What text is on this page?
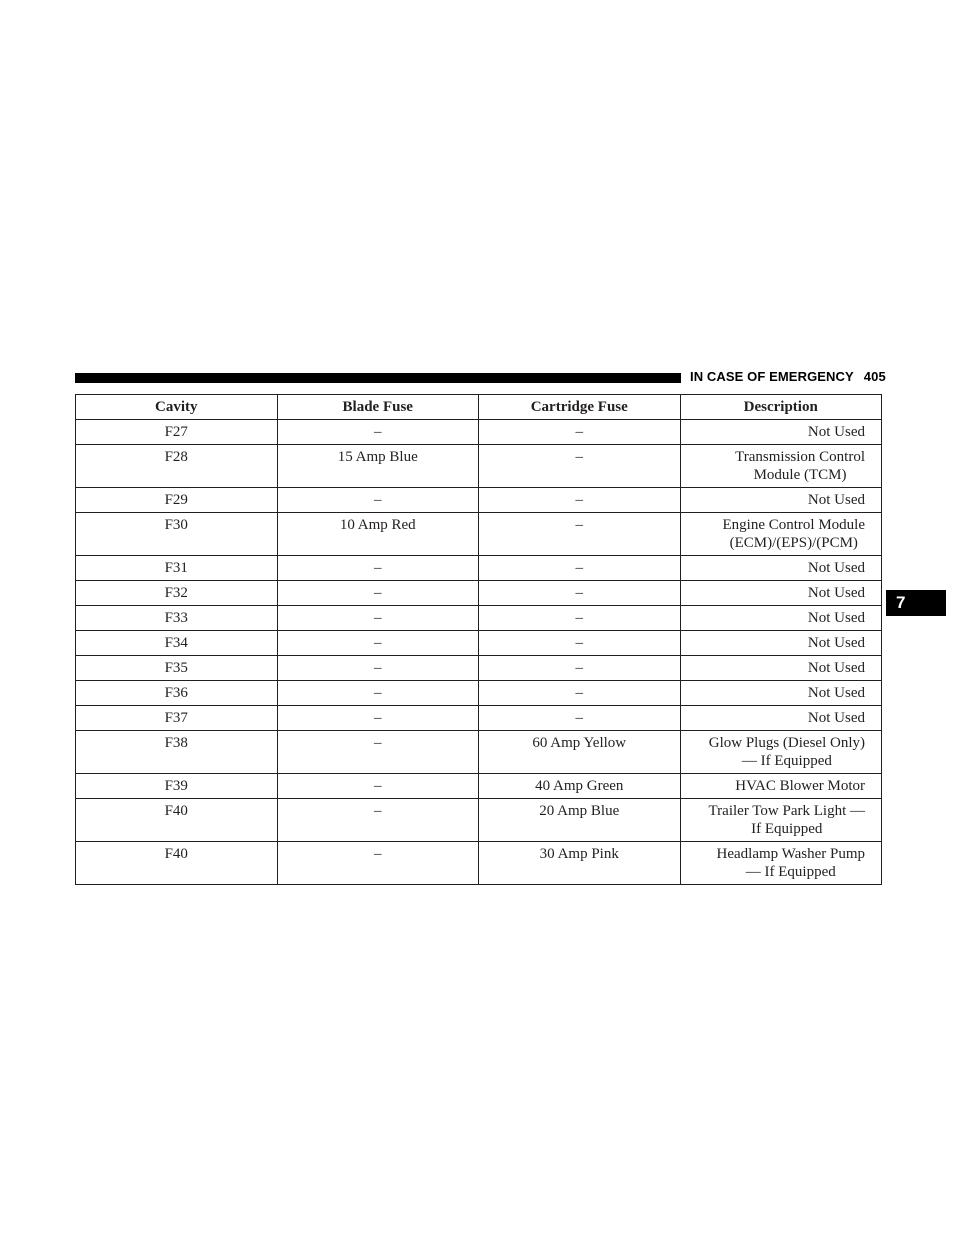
IN CASE OF EMERGENCY 405
7
Cavity	Blade Fuse	Cartridge Fuse	Description
F27	–	–	Not Used
F28	15 Amp Blue	–	Transmission Control
Module (TCM)
F29	–	–	Not Used
F30	10 Amp Red	–	Engine Control Module
(ECM)/(EPS)/(PCM)
F31	–	–	Not Used
F32	–	–	Not Used
F33	–	–	Not Used
F34	–	–	Not Used
F35	–	–	Not Used
F36	–	–	Not Used
F37	–	–	Not Used
F38	–	60 Amp Yellow	Glow Plugs (Diesel Only)
— If Equipped
F39	–	40 Amp Green	HVAC Blower Motor
F40	–	20 Amp Blue	Trailer Tow Park Light —
If Equipped
F40	–	30 Amp Pink	Headlamp Washer Pump
— If Equipped
